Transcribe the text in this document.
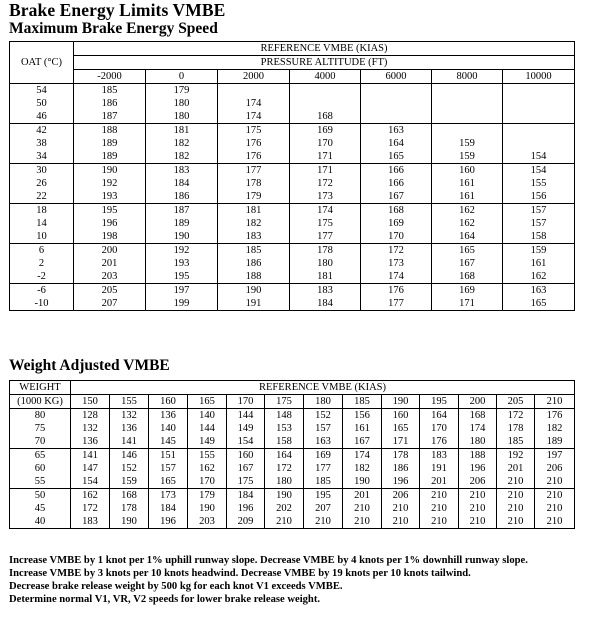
Brake Energy Limits VMBE
Maximum Brake Energy Speed
OAT (°C)	REFERENCE VMBE (KIAS)						
	PRESSURE ALTITUDE (FT)						
	-2000	0	2000	4000	6000	8000	10000
54	185	179					
50	186	180	174				
46	187	180	174	168			
42	188	181	175	169	163		
38	189	182	176	170	164	159	
34	189	182	176	171	165	159	154
30	190	183	177	171	166	160	154
26	192	184	178	172	166	161	155
22	193	186	179	173	167	161	156
18	195	187	181	174	168	162	157
14	196	189	182	175	169	162	157
10	198	190	183	177	170	164	158
6	200	192	185	178	172	165	159
2	201	193	186	180	173	167	161
-2	203	195	188	181	174	168	162
-6	205	197	190	183	176	169	163
-10	207	199	191	184	177	171	165
Weight Adjusted VMBE
WEIGHT	REFERENCE VMBE (KIAS)												
(1000 KG)	150	155	160	165	170	175	180	185	190	195	200	205	210
80	128	132	136	140	144	148	152	156	160	164	168	172	176
75	132	136	140	144	149	153	157	161	165	170	174	178	182
70	136	141	145	149	154	158	163	167	171	176	180	185	189
65	141	146	151	155	160	164	169	174	178	183	188	192	197
60	147	152	157	162	167	172	177	182	186	191	196	201	206
55	154	159	165	170	175	180	185	190	196	201	206	210	210
50	162	168	173	179	184	190	195	201	206	210	210	210	210
45	172	178	184	190	196	202	207	210	210	210	210	210	210
40	183	190	196	203	209	210	210	210	210	210	210	210	210
Increase VMBE by 1 knot per 1% uphill runway slope. Decrease VMBE by 4 knots per 1% downhill runway slope.
Increase VMBE by 3 knots per 10 knots headwind. Decrease VMBE by 19 knots per 10 knots tailwind.
Decrease brake release weight by 500 kg for each knot V1 exceeds VMBE.
Determine normal V1, VR, V2 speeds for lower brake release weight.
